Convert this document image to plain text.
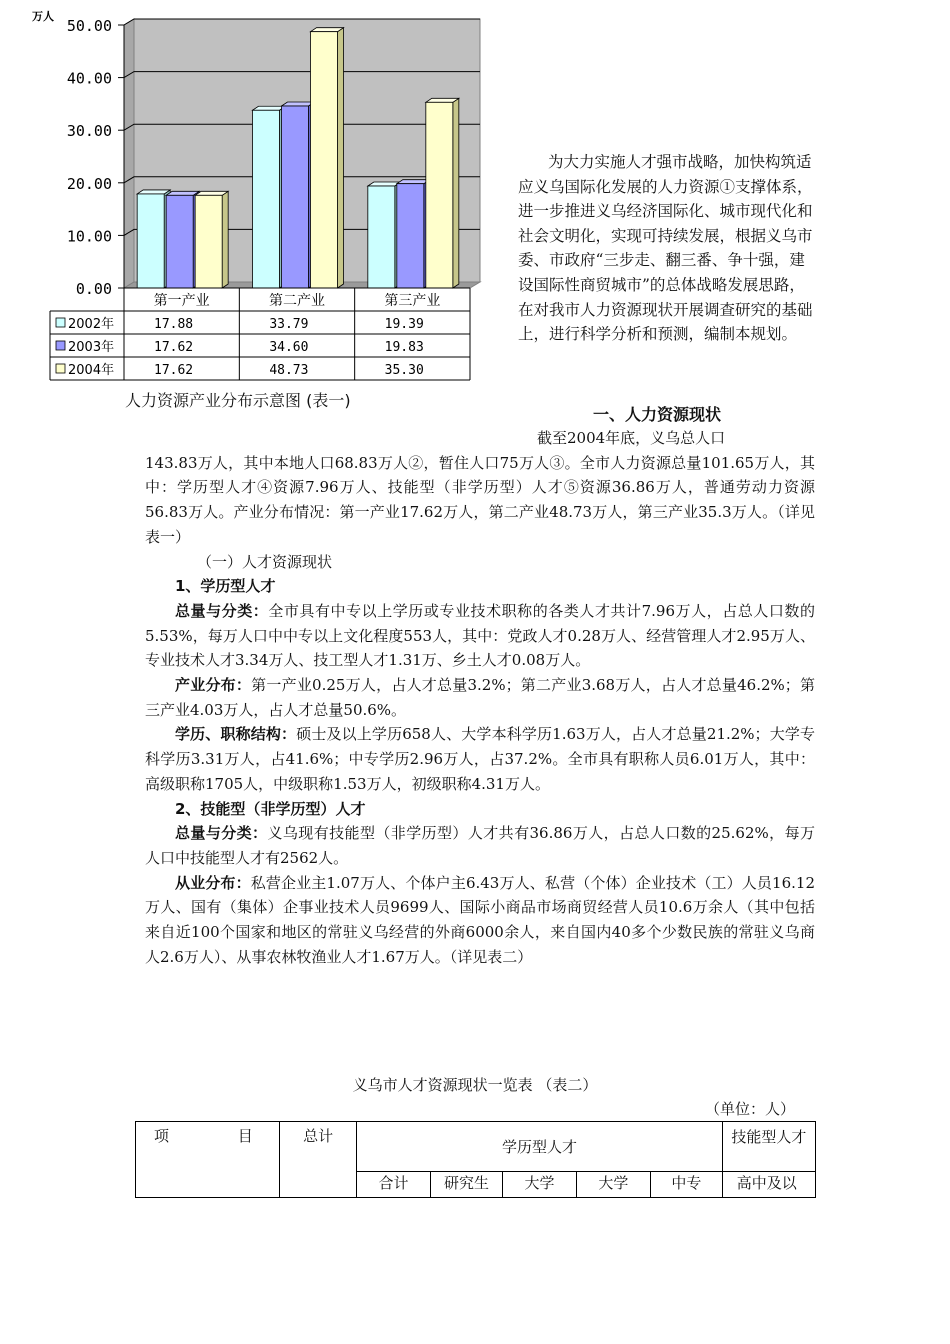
0.00
10.00
20.00
30.00
40.00
50.00
万人
第一产业	第二产业	第三产业
2002年	17.88	33.79	19.39
2003年	17.62	34.60	19.83
2004年	17.62	48.73	35.30
人力资源产业分布示意图 (表一)

为大力实施人才强市战略，加快构筑适应义乌国际化发展的人力资源①支撑体系，进一步推进义乌经济国际化、城市现代化和社会文明化，实现可持续发展，根据义乌市委、市政府“三步走、翻三番、争十强，建设国际性商贸城市”的总体战略发展思路，在对我市人力资源现状开展调查研究的基础上，进行科学分析和预测，编制本规划。

一、人力资源现状

截至2004年底，义乌总人口

143.83万人，其中本地人口68.83万人②，暂住人口75万人③。全市人力资源总量101.65万人，其中：学历型人才④资源7.96万人、技能型（非学历型）人才⑤资源36.86万人，普通劳动力资源56.83万人。产业分布情况：第一产业17.62万人，第二产业48.73万人，第三产业35.3万人。（详见表一）

（一）人才资源现状

1、学历型人才

总量与分类：全市具有中专以上学历或专业技术职称的各类人才共计7.96万人，占总人口数的5.53%，每万人口中中专以上文化程度553人，其中：党政人才0.28万人、经营管理人才2.95万人、专业技术人才3.34万人、技工型人才1.31万、乡土人才0.08万人。

产业分布：第一产业0.25万人，占人才总量3.2%；第二产业3.68万人，占人才总量46.2%；第三产业4.03万人，占人才总量50.6%。

学历、职称结构：硕士及以上学历658人、大学本科学历1.63万人，占人才总量21.2%；大学专科学历3.31万人，占41.6%；中专学历2.96万人，占37.2%。全市具有职称人员6.01万人，其中：高级职称1705人，中级职称1.53万人，初级职称4.31万人。

2、技能型（非学历型）人才

总量与分类：义乌现有技能型（非学历型）人才共有36.86万人，占总人口数的25.62%，每万人口中技能型人才有2562人。

从业分布：私营企业主1.07万人、个体户主6.43万人、私营（个体）企业技术（工）人员16.12万人、国有（集体）企事业技术人员9699人、国际小商品市场商贸经营人员10.6万余人（其中包括来自近100个国家和地区的常驻义乌经营的外商6000余人，来自国内40多个少数民族的常驻义乌商人2.6万人）、从事农林牧渔业人才1.67万人。（详见表二）

义乌市人才资源现状一览表 （表二）
（单位：人）
项 目	总计	学历型人才					技能型人才
		合计	研究生	大学	大学	中专	高中及以
